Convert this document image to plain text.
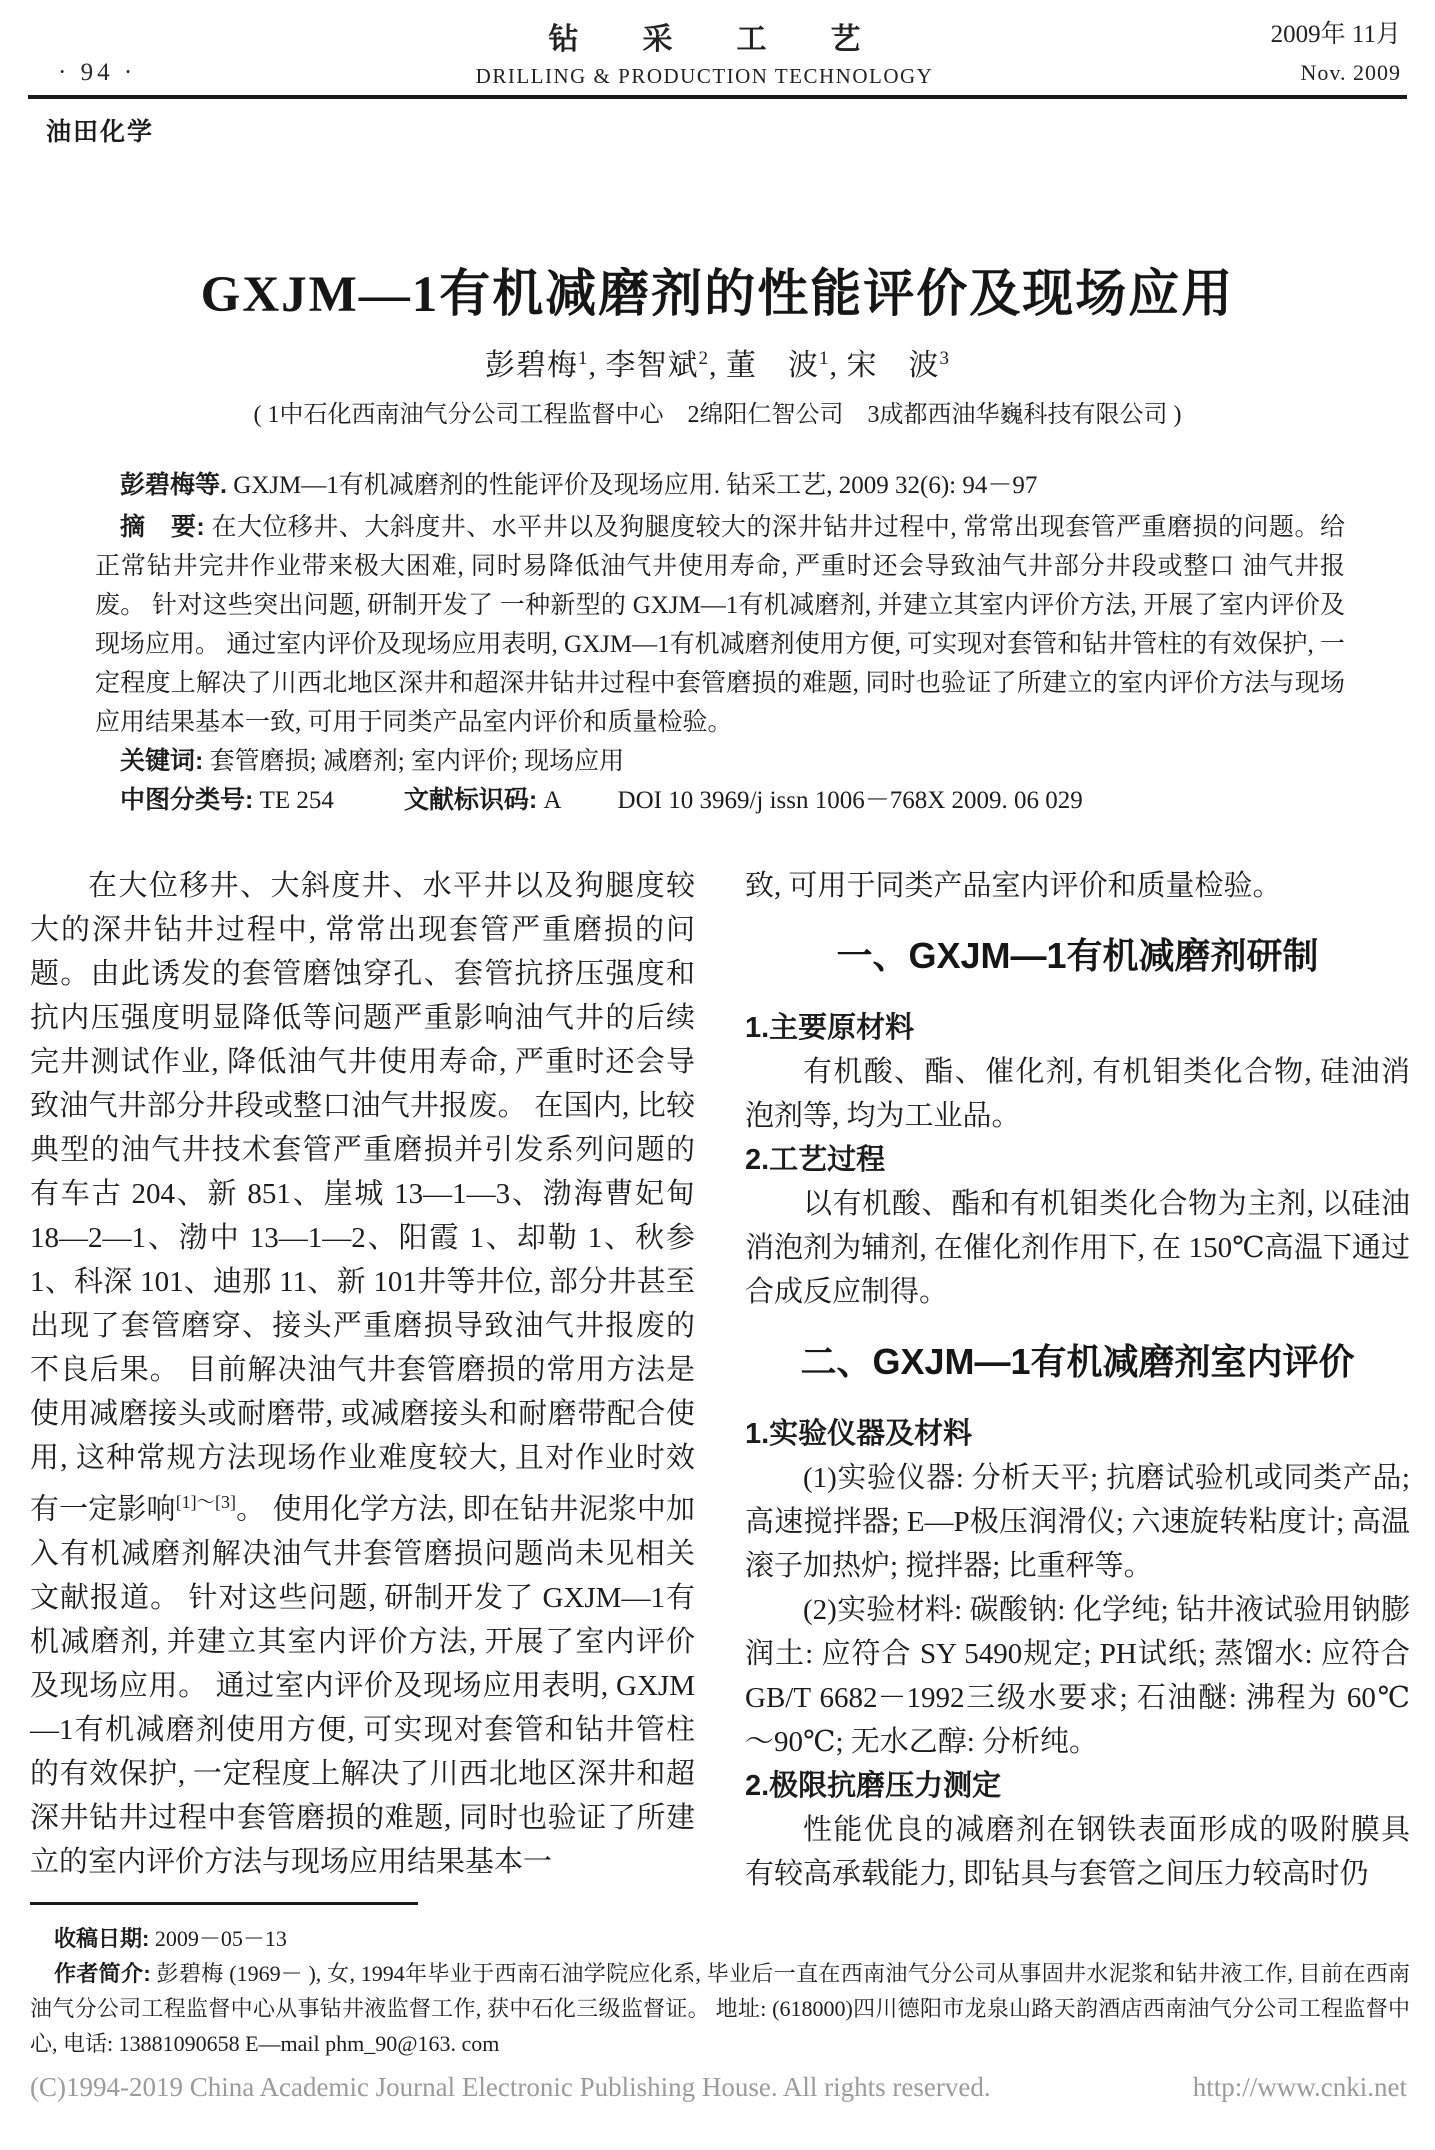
· 94 ·
钻采工艺
DRILLING & PRODUCTION TECHNOLOGY
2009年 11月
Nov. 2009
油田化学
GXJM—1有机减磨剂的性能评价及现场应用
彭碧梅$^1$, 李智斌$^2$, 董　波$^1$, 宋　波$^3$
( 1中石化西南油气分公司工程监督中心　2绵阳仁智公司　3成都西油华巍科技有限公司 )

彭碧梅等. GXJM—1有机减磨剂的性能评价及现场应用. 钻采工艺, 2009 32(6): 94－97

摘　要: 在大位移井、大斜度井、水平井以及狗腿度较大的深井钻井过程中, 常常出现套管严重磨损的问题。给正常钻井完井作业带来极大困难, 同时易降低油气井使用寿命, 严重时还会导致油气井部分井段或整口 油气井报废。 针对这些突出问题, 研制开发了 一种新型的 GXJM—1有机减磨剂, 并建立其室内评价方法, 开展了室内评价及现场应用。 通过室内评价及现场应用表明, GXJM—1有机减磨剂使用方便, 可实现对套管和钻井管柱的有效保护, 一定程度上解决了川西北地区深井和超深井钻井过程中套管磨损的难题, 同时也验证了所建立的室内评价方法与现场应用结果基本一致, 可用于同类产品室内评价和质量检验。

关键词: 套管磨损; 减磨剂; 室内评价; 现场应用

中图分类号: TE 254	文献标识码: A DOI 10 3969/j issn 1006－768X 2009. 06 029

在大位移井、大斜度井、水平井以及狗腿度较大的深井钻井过程中, 常常出现套管严重磨损的问题。由此诱发的套管磨蚀穿孔、套管抗挤压强度和抗内压强度明显降低等问题严重影响油气井的后续完井测试作业, 降低油气井使用寿命, 严重时还会导致油气井部分井段或整口油气井报废。 在国内, 比较典型的油气井技术套管严重磨损并引发系列问题的有车古 204、新 851、崖城 13—1—3、渤海曹妃甸 18—2—1、渤中 13—1—2、阳霞 1、却勒 1、秋参 1、科深 101、迪那 11、新 101井等井位, 部分井甚至出现了套管磨穿、接头严重磨损导致油气井报废的不良后果。 目前解决油气井套管磨损的常用方法是使用减磨接头或耐磨带, 或减磨接头和耐磨带配合使用, 这种常规方法现场作业难度较大, 且对作业时效有一定影响[1]～[3]。 使用化学方法, 即在钻井泥浆中加入有机减磨剂解决油气井套管磨损问题尚未见相关文献报道。 针对这些问题, 研制开发了 GXJM—1有机减磨剂, 并建立其室内评价方法, 开展了室内评价及现场应用。 通过室内评价及现场应用表明, GXJM—1有机减磨剂使用方便, 可实现对套管和钻井管柱的有效保护, 一定程度上解决了川西北地区深井和超深井钻井过程中套管磨损的难题, 同时也验证了所建立的室内评价方法与现场应用结果基本一

致, 可用于同类产品室内评价和质量检验。

一、GXJM—1有机减磨剂研制

1.主要原材料

有机酸、酯、催化剂, 有机钼类化合物, 硅油消泡剂等, 均为工业品。

2.工艺过程

以有机酸、酯和有机钼类化合物为主剂, 以硅油消泡剂为辅剂, 在催化剂作用下, 在 150℃高温下通过合成反应制得。

二、GXJM—1有机减磨剂室内评价

1.实验仪器及材料

(1)实验仪器: 分析天平; 抗磨试验机或同类产品; 高速搅拌器; E—P极压润滑仪; 六速旋转粘度计; 高温滚子加热炉; 搅拌器; 比重秤等。

(2)实验材料: 碳酸钠: 化学纯; 钻井液试验用钠膨润土: 应符合 SY 5490规定; PH试纸; 蒸馏水: 应符合 GB/T 6682－1992三级水要求; 石油醚: 沸程为 60℃～90℃; 无水乙醇: 分析纯。

2.极限抗磨压力测定

性能优良的减磨剂在钢铁表面形成的吸附膜具有较高承载能力, 即钻具与套管之间压力较高时仍

收稿日期: 2009－05－13

作者简介: 彭碧梅 (1969－ ), 女, 1994年毕业于西南石油学院应化系, 毕业后一直在西南油气分公司从事固井水泥浆和钻井液工作, 目前在西南油气分公司工程监督中心从事钻井液监督工作, 获中石化三级监督证。 地址: (618000)四川德阳市龙泉山路天韵酒店西南油气分公司工程监督中心, 电话: 13881090658 E—mail phm_90@163. com

(C)1994-2019 China Academic Journal Electronic Publishing House. All rights reserved.	http://www.cnki.net
